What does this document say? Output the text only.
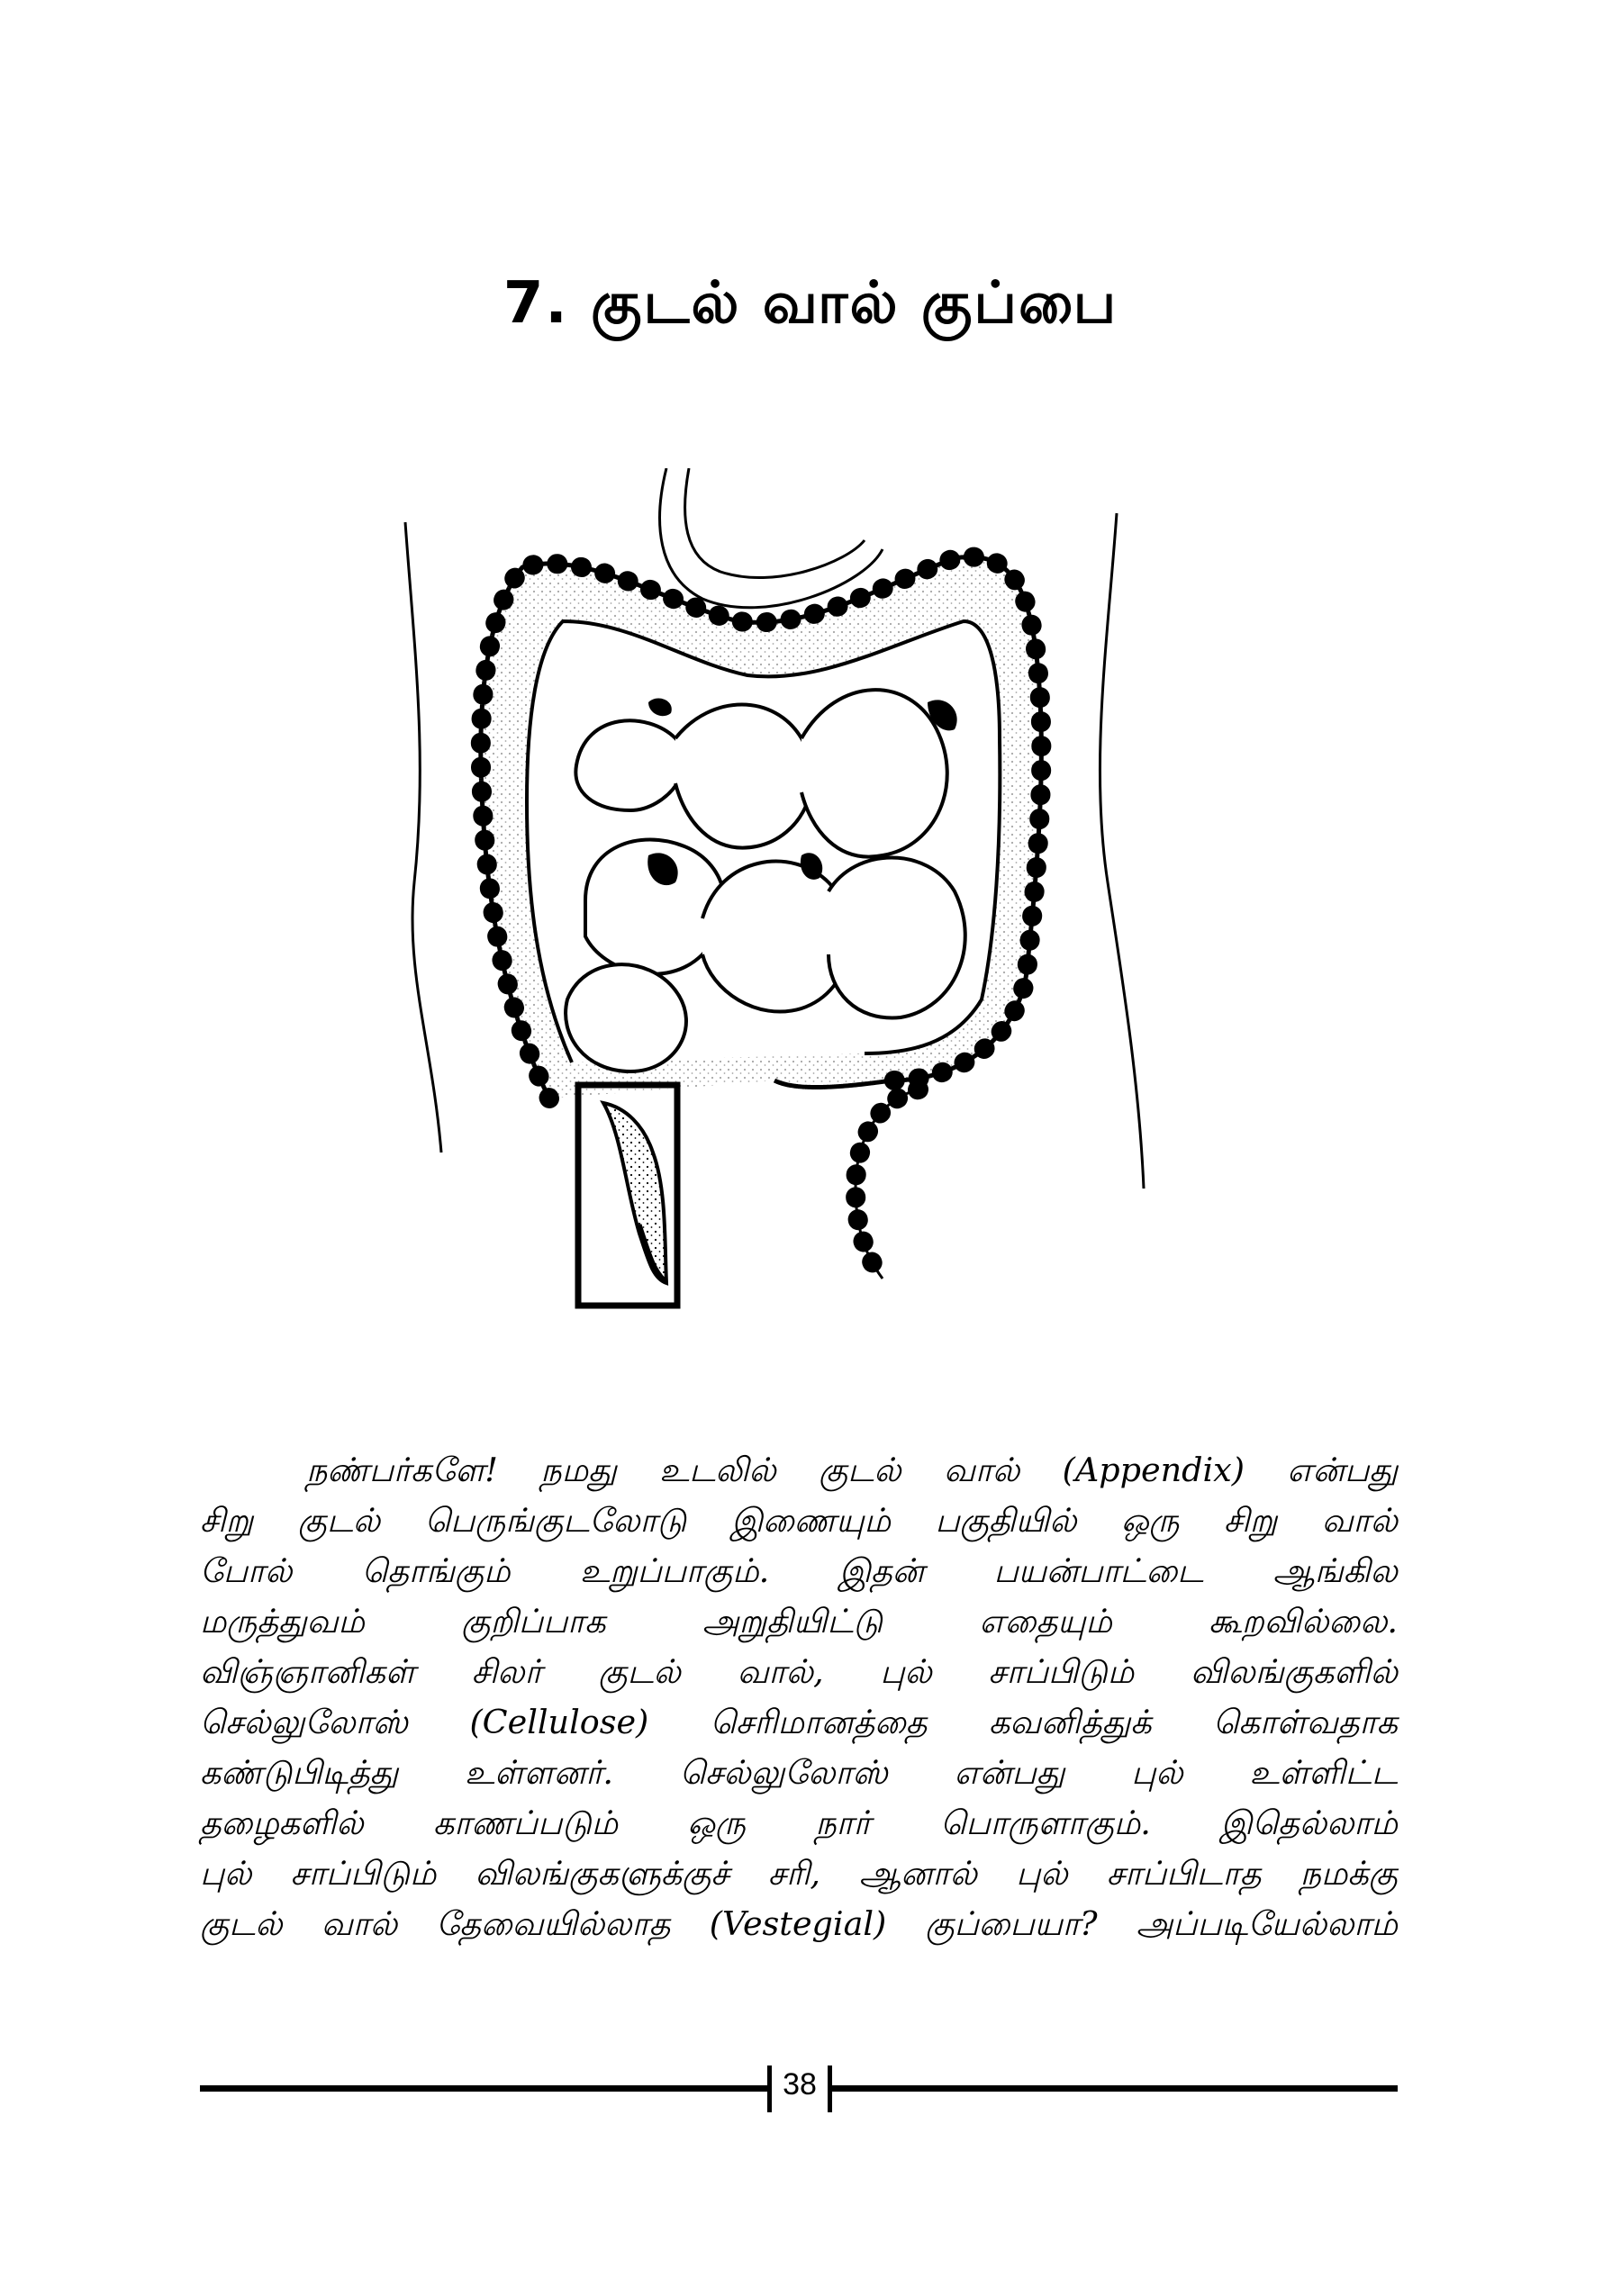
7. குடல் வால் குப்பை
நண்பர்களே! நமது உடலில் குடல் வால் (Appendix) என்பது
சிறு குடல் பெருங்குடலோடு இணையும் பகுதியில் ஒரு சிறு வால்
போல் தொங்கும் உறுப்பாகும். இதன் பயன்பாட்டை ஆங்கில
மருத்துவம் குறிப்பாக அறுதியிட்டு எதையும் கூறவில்லை.
விஞ்ஞானிகள் சிலர் குடல் வால், புல் சாப்பிடும் விலங்குகளில்
செல்லுலோஸ் (Cellulose) செரிமானத்தை கவனித்துக் கொள்வதாக
கண்டுபிடித்து உள்ளனர். செல்லுலோஸ் என்பது புல் உள்ளிட்ட
தழைகளில் காணப்படும் ஒரு நார் பொருளாகும். இதெல்லாம்
புல் சாப்பிடும் விலங்குகளுக்குச் சரி, ஆனால் புல் சாப்பிடாத நமக்கு
குடல் வால் தேவையில்லாத (Vestegial) குப்பையா? அப்படியேல்லாம்
38
